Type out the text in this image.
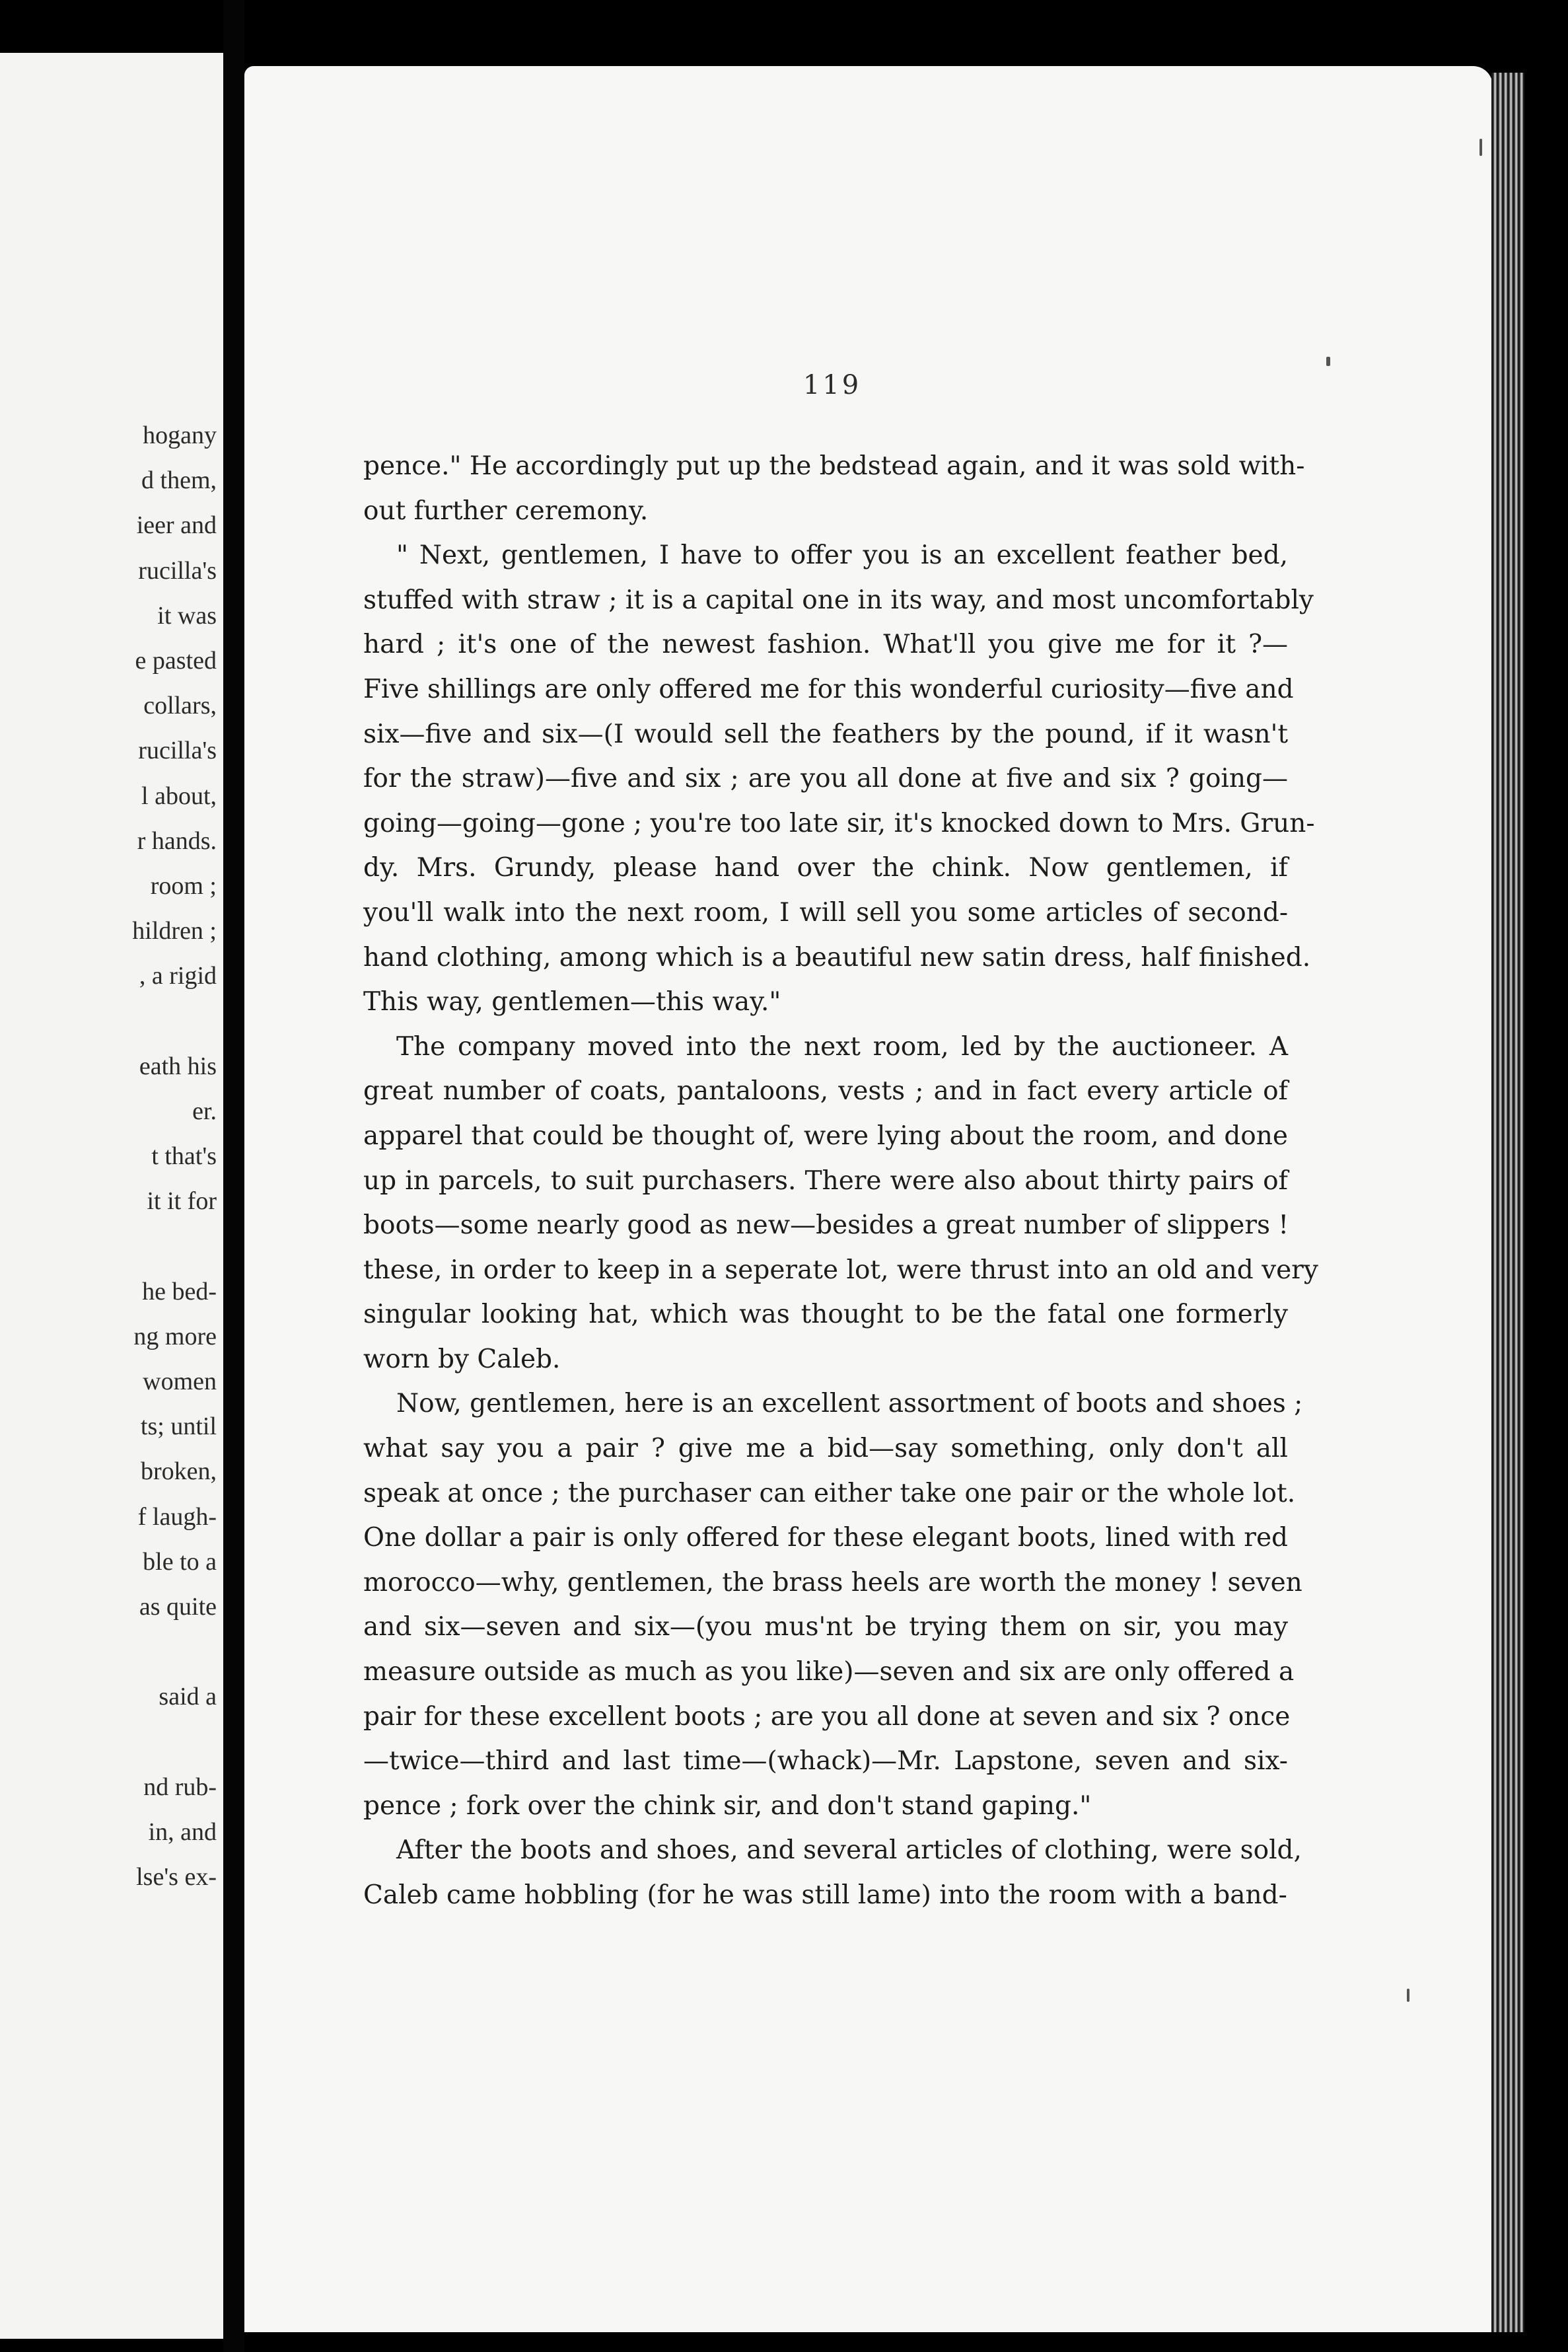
hogany
d them,
ieer and
rucilla's
it was
e pasted
collars,
rucilla's
l about,
r hands.
room ;
hildren ;
, a rigid
eath his
er.
t that's
it it for
he bed-
ng more
women
ts; until
broken,
f laugh-
ble to a
as quite
said a
nd rub-
in, and
lse's ex-
119
pence." He accordingly put up the bedstead again, and it was sold with-
out further ceremony.
" Next, gentlemen, I have to offer you is an excellent feather bed,
stuffed with straw ; it is a capital one in its way, and most uncomfortably
hard ; it's one of the newest fashion. What'll you give me for it ?—
Five shillings are only offered me for this wonderful curiosity—five and
six—five and six—(I would sell the feathers by the pound, if it wasn't
for the straw)—five and six ; are you all done at five and six ? going—
going—going—gone ; you're too late sir, it's knocked down to Mrs. Grun-
dy. Mrs. Grundy, please hand over the chink. Now gentlemen, if
you'll walk into the next room, I will sell you some articles of second-
hand clothing, among which is a beautiful new satin dress, half finished.
This way, gentlemen—this way."
The company moved into the next room, led by the auctioneer. A
great number of coats, pantaloons, vests ; and in fact every article of
apparel that could be thought of, were lying about the room, and done
up in parcels, to suit purchasers. There were also about thirty pairs of
boots—some nearly good as new—besides a great number of slippers !
these, in order to keep in a seperate lot, were thrust into an old and very
singular looking hat, which was thought to be the fatal one formerly
worn by Caleb.
Now, gentlemen, here is an excellent assortment of boots and shoes ;
what say you a pair ? give me a bid—say something, only don't all
speak at once ; the purchaser can either take one pair or the whole lot.
One dollar a pair is only offered for these elegant boots, lined with red
morocco—why, gentlemen, the brass heels are worth the money ! seven
and six—seven and six—(you mus'nt be trying them on sir, you may
measure outside as much as you like)—seven and six are only offered a
pair for these excellent boots ; are you all done at seven and six ? once
—twice—third and last time—(whack)—Mr. Lapstone, seven and six-
pence ; fork over the chink sir, and don't stand gaping."
After the boots and shoes, and several articles of clothing, were sold,
Caleb came hobbling (for he was still lame) into the room with a band-
